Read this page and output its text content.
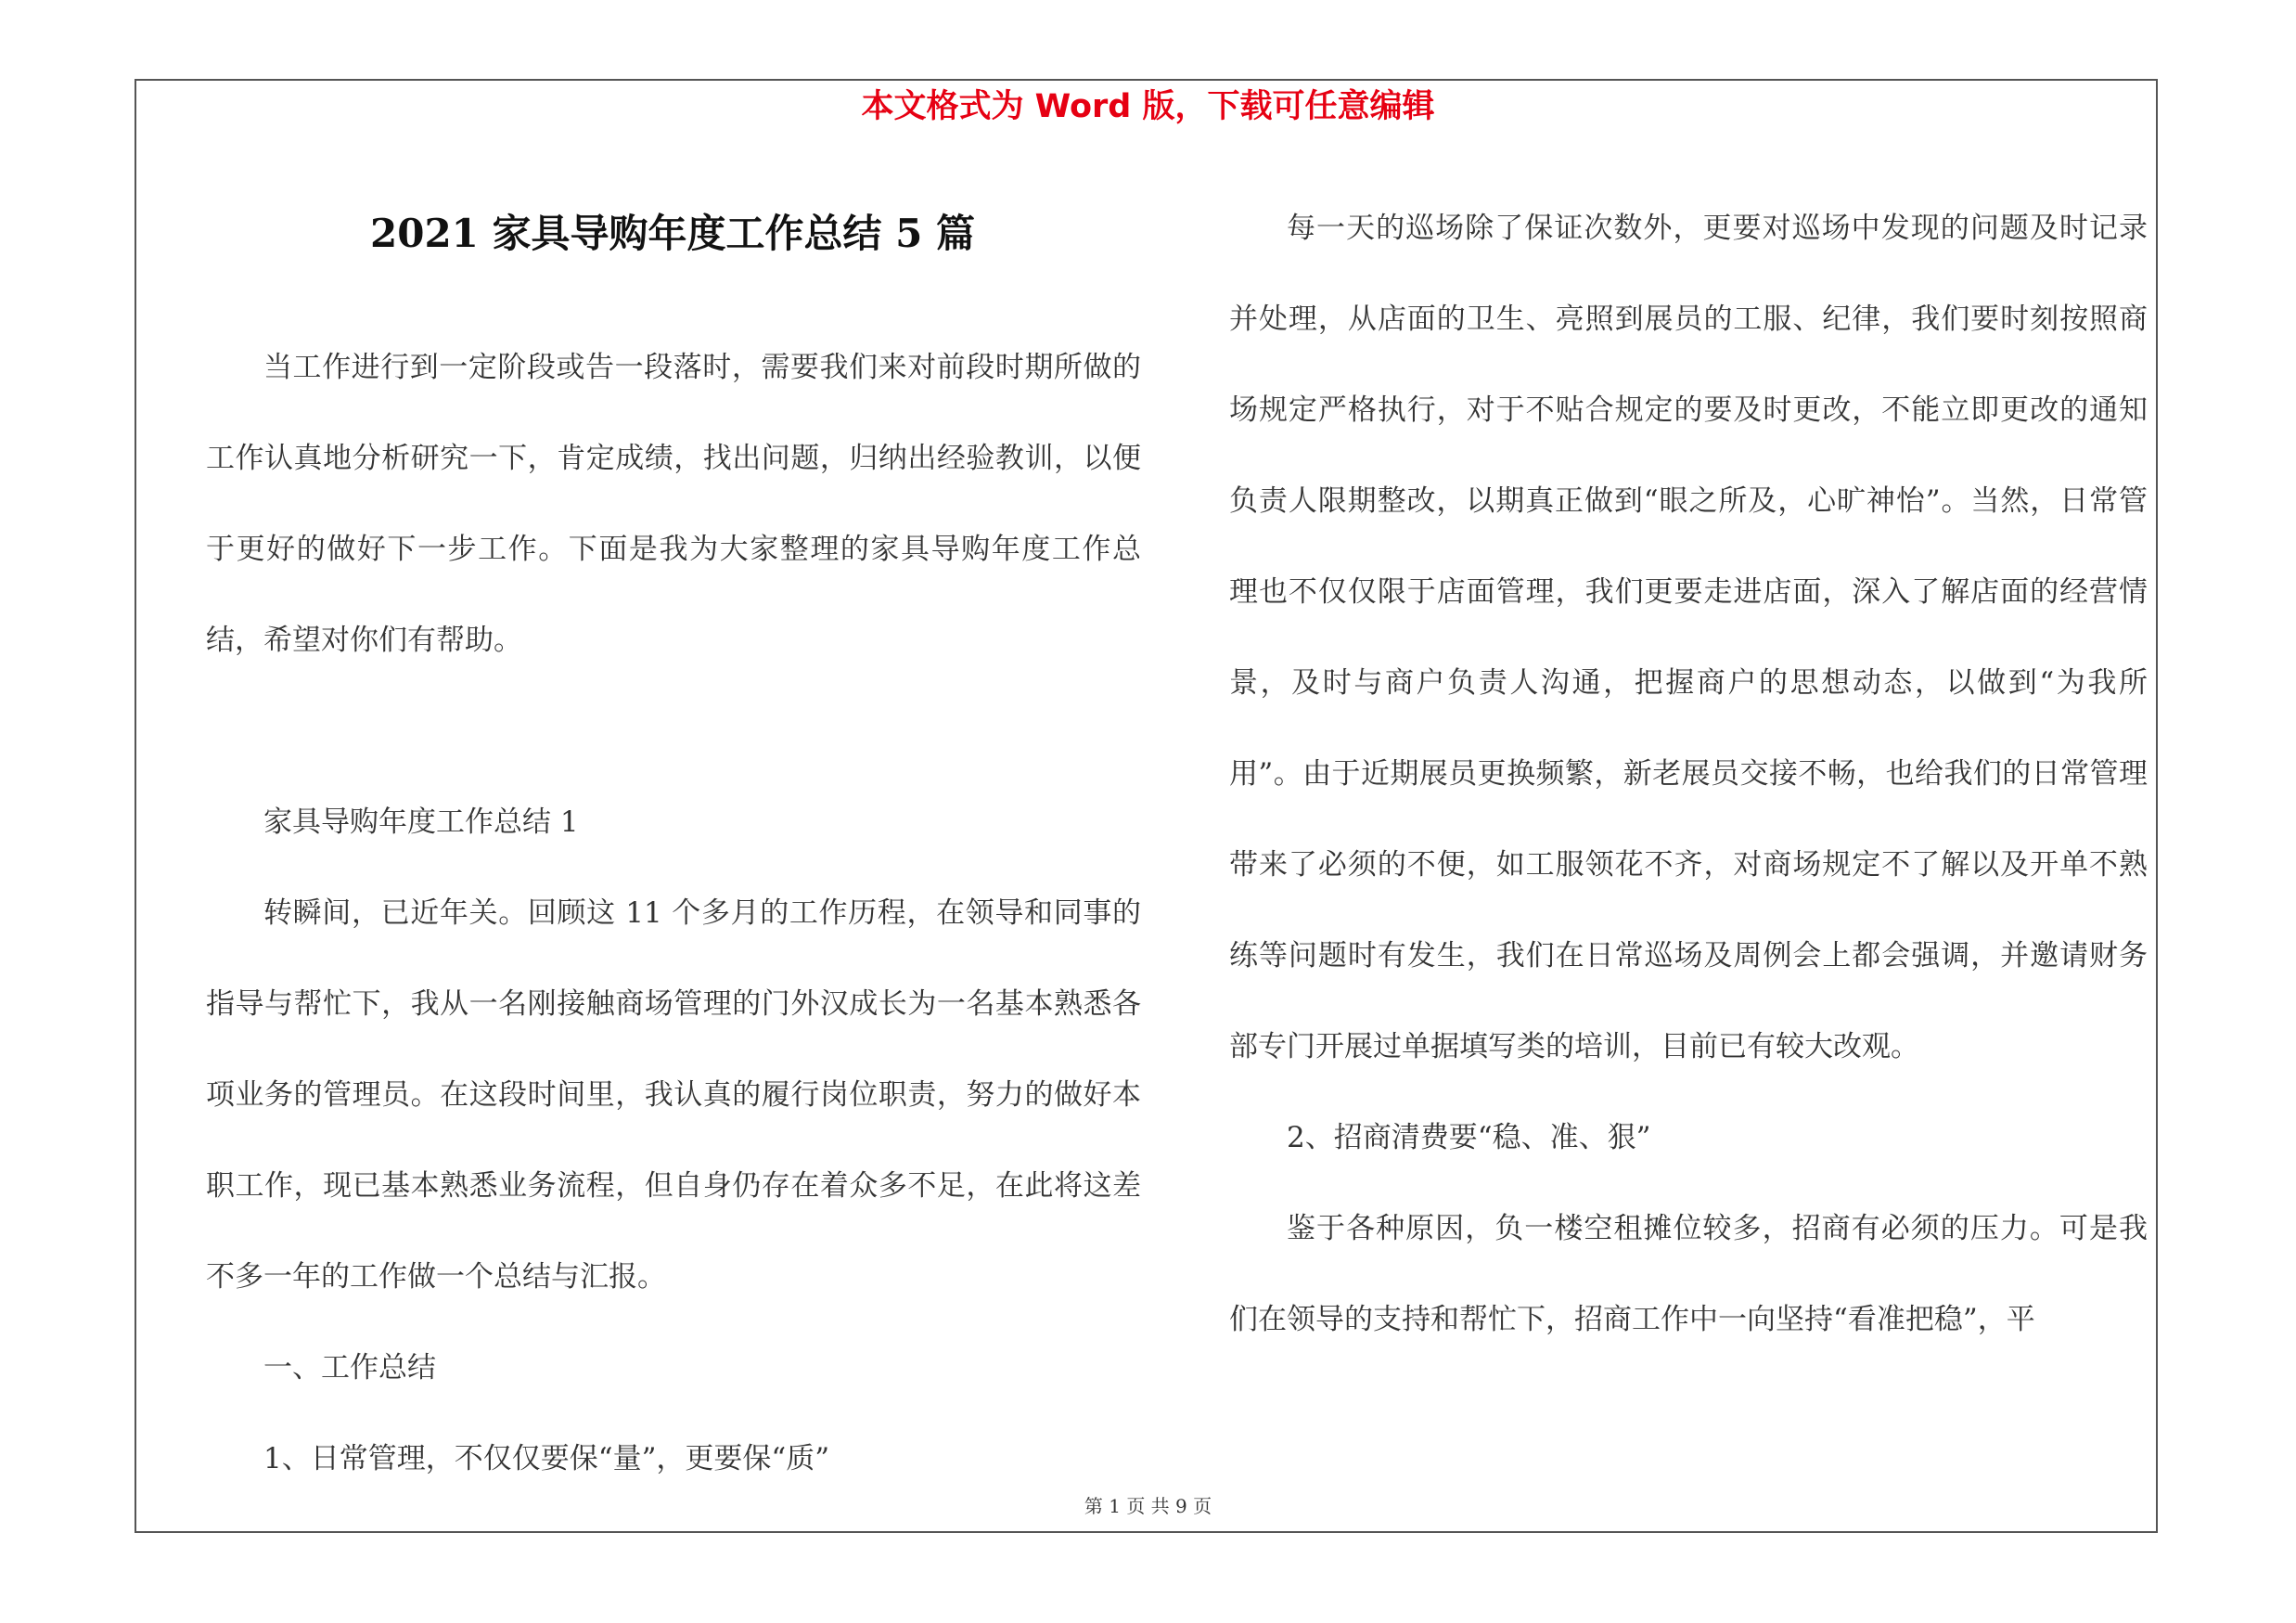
本文格式为 Word 版，下载可任意编辑
2021 家具导购年度工作总结 5 篇

当工作进行到一定阶段或告一段落时，需要我们来对前段时期所做的工作认真地分析研究一下，肯定成绩，找出问题，归纳出经验教训，以便于更好的做好下一步工作。下面是我为大家整理的家具导购年度工作总结，希望对你们有帮助。

家具导购年度工作总结 1

转瞬间，已近年关。回顾这 11 个多月的工作历程，在领导和同事的指导与帮忙下，我从一名刚接触商场管理的门外汉成长为一名基本熟悉各项业务的管理员。在这段时间里，我认真的履行岗位职责，努力的做好本职工作，现已基本熟悉业务流程，但自身仍存在着众多不足，在此将这差不多一年的工作做一个总结与汇报。

一、工作总结

1、日常管理，不仅仅要保“量”，更要保“质”

每一天的巡场除了保证次数外，更要对巡场中发现的问题及时记录并处理，从店面的卫生、亮照到展员的工服、纪律，我们要时刻按照商场规定严格执行，对于不贴合规定的要及时更改，不能立即更改的通知负责人限期整改，以期真正做到“眼之所及，心旷神怡”。当然，日常管理也不仅仅限于店面管理，我们更要走进店面，深入了解店面的经营情景，及时与商户负责人沟通，把握商户的思想动态，以做到“为我所用”。由于近期展员更换频繁，新老展员交接不畅，也给我们的日常管理带来了必须的不便，如工服领花不齐，对商场规定不了解以及开单不熟练等问题时有发生，我们在日常巡场及周例会上都会强调，并邀请财务部专门开展过单据填写类的培训，目前已有较大改观。

2、招商清费要“稳、准、狠”

鉴于各种原因，负一楼空租摊位较多，招商有必须的压力。可是我们在领导的支持和帮忙下，招商工作中一向坚持“看准把稳”，平

第 1 页 共 9 页
